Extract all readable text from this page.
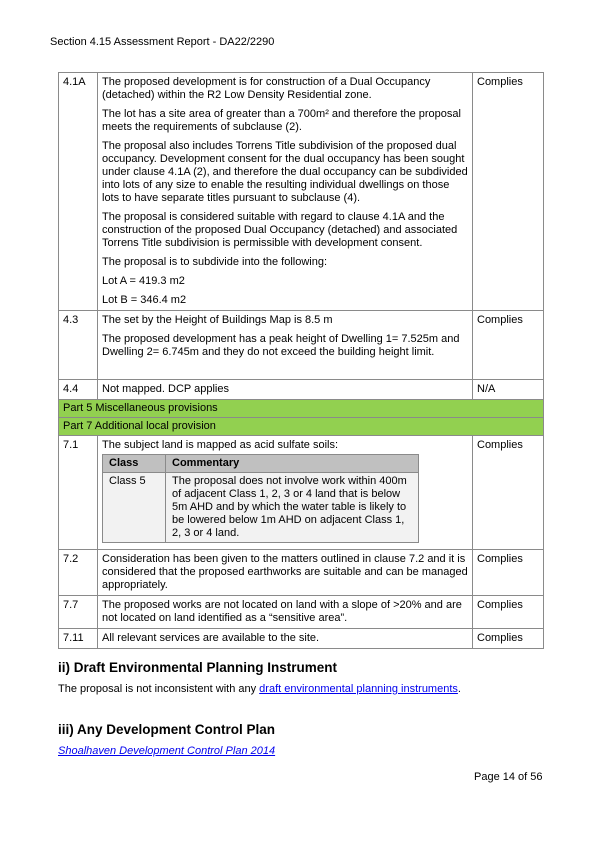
Section 4.15 Assessment Report - DA22/2290
4.1A	The proposed development is for construction of a Dual Occupancy (detached) within the R2 Low Density Residential zone.

The lot has a site area of greater than a 700m² and therefore the proposal meets the requirements of subclause (2).

The proposal also includes Torrens Title subdivision of the proposed dual occupancy. Development consent for the dual occupancy has been sought under clause 4.1A (2), and therefore the dual occupancy can be subdivided into lots of any size to enable the resulting individual dwellings on those lots to have separate titles pursuant to subclause (4).

The proposal is considered suitable with regard to clause 4.1A and the construction of the proposed Dual Occupancy (detached) and associated Torrens Title subdivision is permissible with development consent.

The proposal is to subdivide into the following:

Lot A = 419.3 m2

Lot B = 346.4 m2

	Complies
4.3	The set by the Height of Buildings Map is 8.5 m

The proposed development has a peak height of Dwelling 1= 7.525m and Dwelling 2= 6.745m and they do not exceed the building height limit.

	Complies
4.4	Not mapped. DCP applies	N/A
Part 5 Miscellaneous provisions
Part 7 Additional local provision
7.1	The subject land is mapped as acid sulfate soils:

Class	Commentary
Class 5	The proposal does not involve work within 400m of adjacent Class 1, 2, 3 or 4 land that is below 5m AHD and by which the water table is likely to be lowered below 1m AHD on adjacent Class 1, 2, 3 or 4 land.
	Complies
7.2	Consideration has been given to the matters outlined in clause 7.2 and it is considered that the proposed earthworks are suitable and can be managed appropriately.	Complies
7.7	The proposed works are not located on land with a slope of >20% and are not located on land identified as a “sensitive area”.	Complies
7.11	All relevant services are available to the site.	Complies
ii) Draft Environmental Planning Instrument
The proposal is not inconsistent with any draft environmental planning instruments.
iii) Any Development Control Plan
Shoalhaven Development Control Plan 2014
Page 14 of 56
